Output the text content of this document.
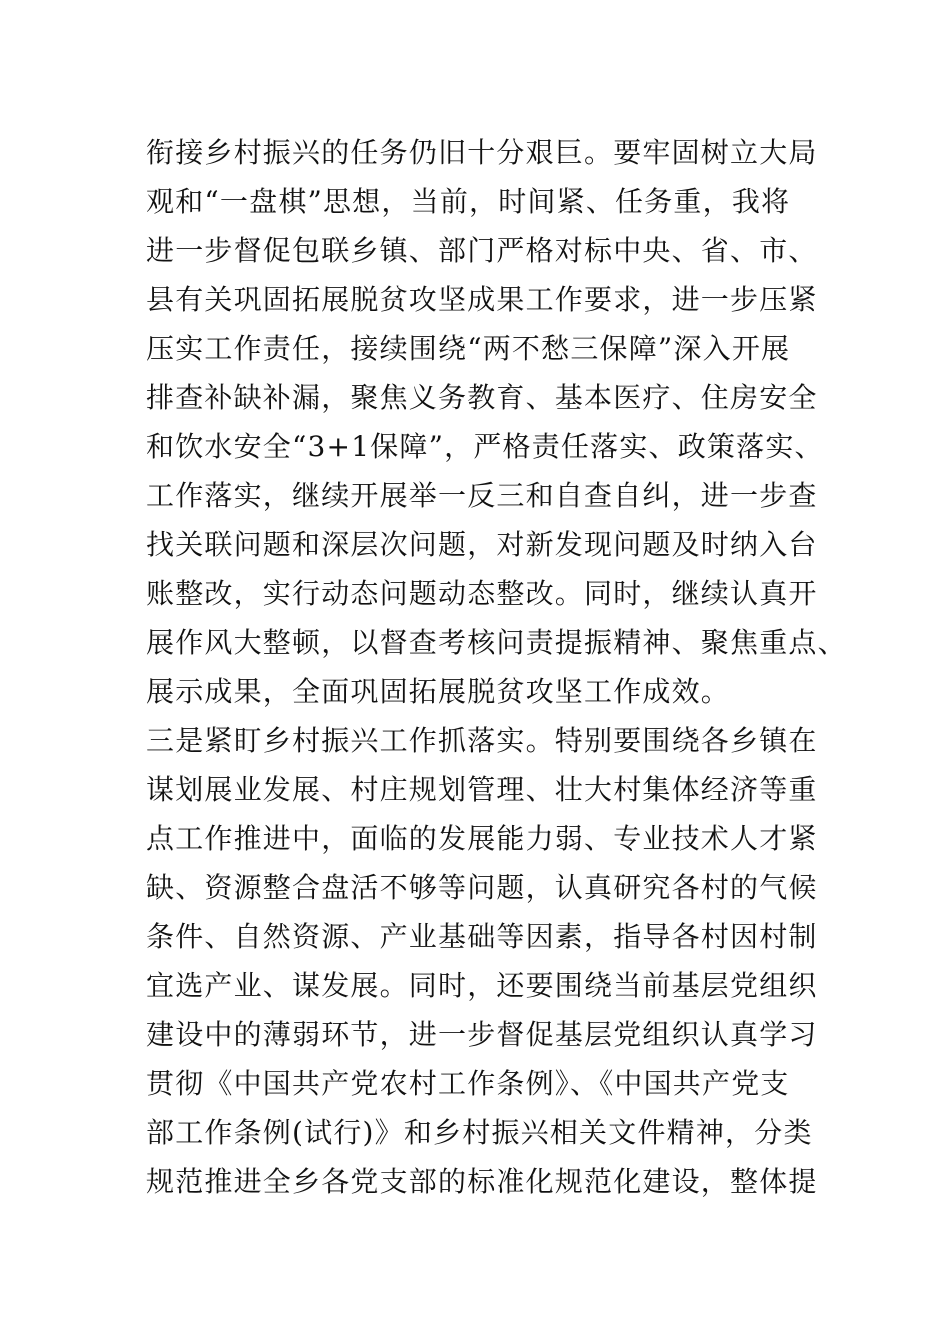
衔接乡村振兴的任务仍旧十分艰巨。要牢固树立大局
观和“一盘棋”思想，当前，时间紧、任务重，我将
进一步督促包联乡镇、部门严格对标中央、省、市、
县有关巩固拓展脱贫攻坚成果工作要求，进一步压紧
压实工作责任，接续围绕“两不愁三保障”深入开展
排查补缺补漏，聚焦义务教育、基本医疗、住房安全
和饮水安全“3+1保障”，严格责任落实、政策落实、
工作落实，继续开展举一反三和自查自纠，进一步查
找关联问题和深层次问题，对新发现问题及时纳入台
账整改，实行动态问题动态整改。同时，继续认真开
展作风大整顿，以督查考核问责提振精神、聚焦重点、
展示成果，全面巩固拓展脱贫攻坚工作成效。
三是紧盯乡村振兴工作抓落实。特别要围绕各乡镇在
谋划展业发展、村庄规划管理、壮大村集体经济等重
点工作推进中，面临的发展能力弱、专业技术人才紧
缺、资源整合盘活不够等问题，认真研究各村的气候
条件、自然资源、产业基础等因素，指导各村因村制
宜选产业、谋发展。同时，还要围绕当前基层党组织
建设中的薄弱环节，进一步督促基层党组织认真学习
贯彻《中国共产党农村工作条例》、《中国共产党支
部工作条例(试行)》和乡村振兴相关文件精神，分类
规范推进全乡各党支部的标准化规范化建设，整体提
